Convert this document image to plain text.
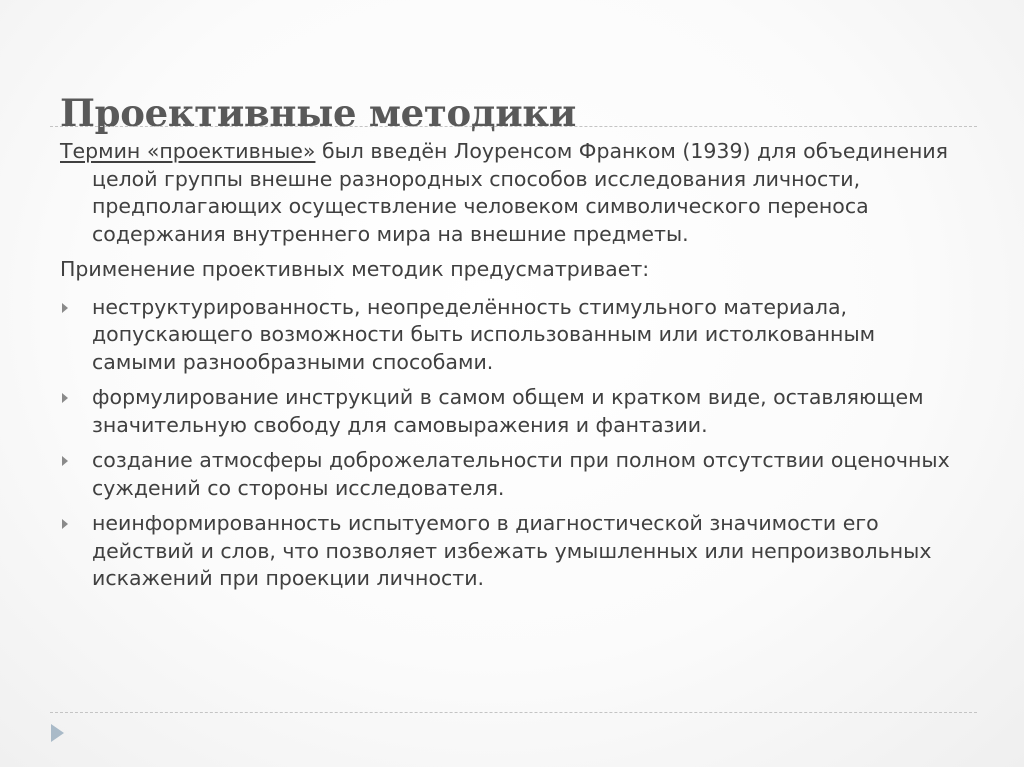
Проективные методики

Термин «проективные» был введён Лоуренсом Франком (1939) для объединения целой группы внешне разнородных способов исследования личности, предполагающих осуществление человеком символического переноса содержания внутреннего мира на внешние предметы.

Применение проективных методик предусматривает:

неструктурированность, неопределённость стимульного материала, допускающего возможности быть использованным или истолкованным самыми разнообразными способами.
формулирование инструкций в самом общем и кратком виде, оставляющем значительную свободу для самовыражения и фантазии.
создание атмосферы доброжелательности при полном отсутствии оценочных суждений со стороны исследователя.
неинформированность испытуемого в диагностической значимости его действий и слов, что позволяет избежать умышленных или непроизвольных искажений при проекции личности.
